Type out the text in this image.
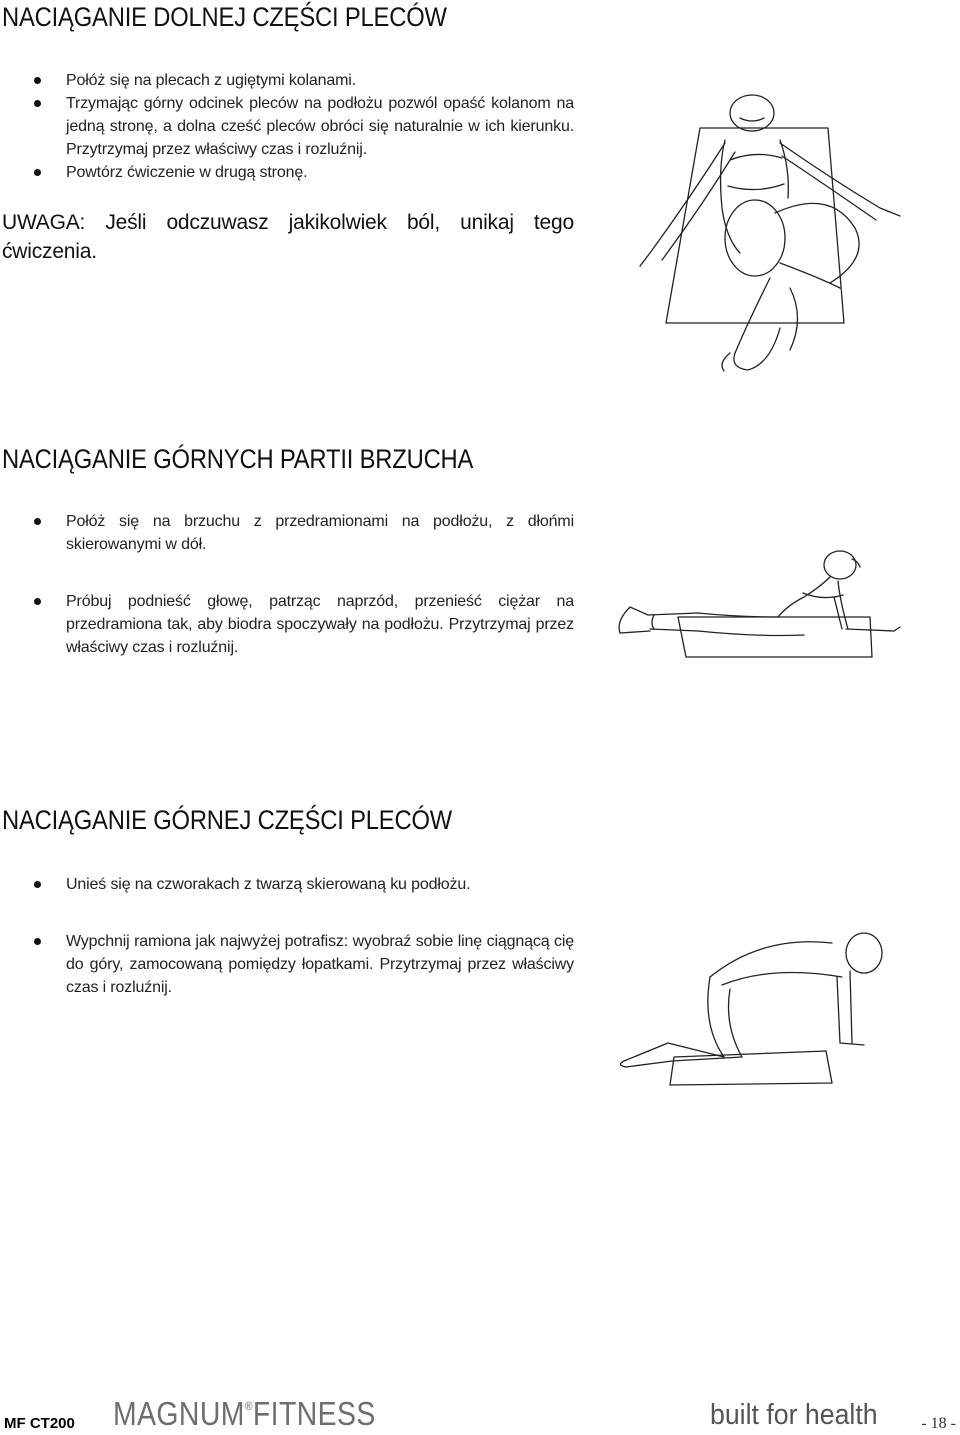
NACIĄGANIE DOLNEJ CZĘŚCI PLECÓW
Połóż się na plecach z ugiętymi kolanami.
Trzymając górny odcinek pleców na podłożu pozwól opaść kolanom na jedną stronę, a dolna cześć pleców obróci się naturalnie w ich kierunku. Przytrzymaj przez właściwy czas i rozluźnij.
Powtórz ćwiczenie w drugą stronę.

UWAGA: Jeśli odczuwasz jakikolwiek ból, unikaj tego ćwiczenia.

NACIĄGANIE GÓRNYCH PARTII BRZUCHA
Połóż się na brzuchu z przedramionami na podłożu, z dłońmi skierowanymi w dół.
Próbuj podnieść głowę, patrząc naprzód, przenieść ciężar na przedramiona tak, aby biodra spoczywały na podłożu. Przytrzymaj przez właściwy czas i rozluźnij.
NACIĄGANIE GÓRNEJ CZĘŚCI PLECÓW
Unieś się na czworakach z twarzą skierowaną ku podłożu.
Wypchnij ramiona jak najwyżej potrafisz: wyobraź sobie linę ciągnącą cię do góry, zamocowaną pomiędzy łopatkami. Przytrzymaj przez właściwy czas i rozluźnij.
MF CT200 MAGNUM®FITNESS	built for health	- 18 -
